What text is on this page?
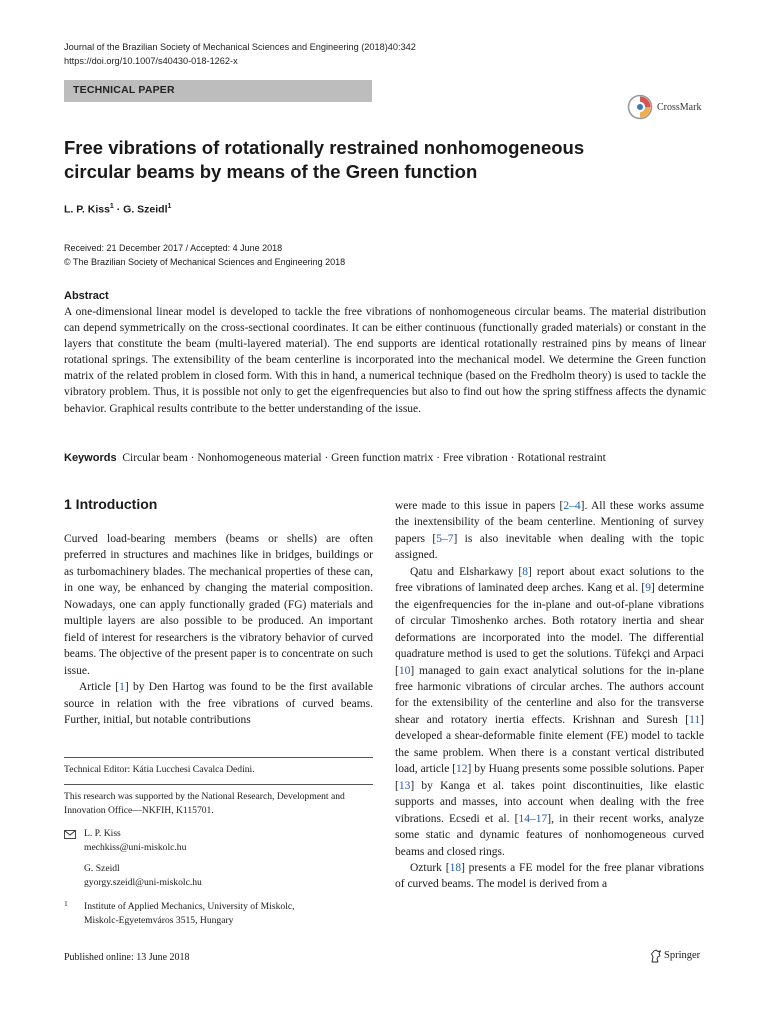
Journal of the Brazilian Society of Mechanical Sciences and Engineering (2018)40:342
https://doi.org/10.1007/s40430-018-1262-x
TECHNICAL PAPER
CrossMark
Free vibrations of rotationally restrained nonhomogeneous circular beams by means of the Green function
L. P. Kiss$^1$ · G. Szeidl$^1$
Received: 21 December 2017 / Accepted: 4 June 2018
© The Brazilian Society of Mechanical Sciences and Engineering 2018
Abstract
A one-dimensional linear model is developed to tackle the free vibrations of nonhomogeneous circular beams. The material distribution can depend symmetrically on the cross-sectional coordinates. It can be either continuous (functionally graded materials) or constant in the layers that constitute the beam (multi-layered material). The end supports are identical rotationally restrained pins by means of linear rotational springs. The extensibility of the beam centerline is incorporated into the mechanical model. We determine the Green function matrix of the related problem in closed form. With this in hand, a numerical technique (based on the Fredholm theory) is used to tackle the vibratory problem. Thus, it is possible not only to get the eigenfrequencies but also to find out how the spring stiffness affects the dynamic behavior. Graphical results contribute to the better understanding of the issue.
Keywords Circular beam · Nonhomogeneous material · Green function matrix · Free vibration · Rotational restraint
1 Introduction

Curved load-bearing members (beams or shells) are often preferred in structures and machines like in bridges, buildings or as turbomachinery blades. The mechanical properties of these can, in one way, be enhanced by changing the material composition. Nowadays, one can apply functionally graded (FG) materials and multiple layers are also possible to be produced. An important field of interest for researchers is the vibratory behavior of curved beams. The objective of the present paper is to concentrate on such issue.

Article [1] by Den Hartog was found to be the first available source in relation with the free vibrations of curved beams. Further, initial, but notable contributions

were made to this issue in papers [2–4]. All these works assume the inextensibility of the beam centerline. Mentioning of survey papers [5–7] is also inevitable when dealing with the topic assigned.

Qatu and Elsharkawy [8] report about exact solutions to the free vibrations of laminated deep arches. Kang et al. [9] determine the eigenfrequencies for the in-plane and out-of-plane vibrations of circular Timoshenko arches. Both rotatory inertia and shear deformations are incorporated into the model. The differential quadrature method is used to get the solutions. Tüfekçi and Arpaci [10] managed to gain exact analytical solutions for the in-plane free harmonic vibrations of circular arches. The authors account for the extensibility of the centerline and also for the transverse shear and rotatory inertia effects. Krishnan and Suresh [11] developed a shear-deformable finite element (FE) model to tackle the same problem. When there is a constant vertical distributed load, article [12] by Huang presents some possible solutions. Paper [13] by Kanga et al. takes point discontinuities, like elastic supports and masses, into account when dealing with the free vibrations. Ecsedi et al. [14–17], in their recent works, analyze some static and dynamic features of nonhomogeneous curved beams and closed rings.

Ozturk [18] presents a FE model for the free planar vibrations of curved beams. The model is derived from a

Technical Editor: Kátia Lucchesi Cavalca Dedini.
This research was supported by the National Research, Development and Innovation Office—NKFIH, K115701.
L. P. Kiss
mechkiss@uni-miskolc.hu
G. Szeidl
gyorgy.szeidl@uni-miskolc.hu
1 Institute of Applied Mechanics, University of Miskolc,
Miskolc-Egyetemváros 3515, Hungary
Published online: 13 June 2018	Springer
